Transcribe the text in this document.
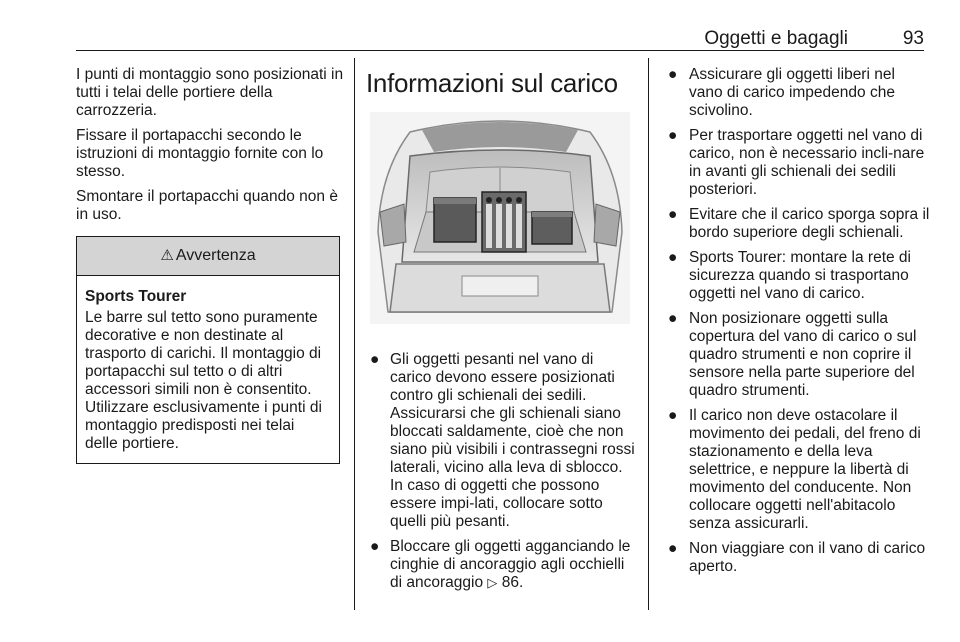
Oggetti e bagagli	93

I punti di montaggio sono posizionati in tutti i telai delle portiere della carrozzeria.

Fissare il portapacchi secondo le istruzioni di montaggio fornite con lo stesso.

Smontare il portapacchi quando non è in uso.

⚠ Avvertenza
Sports Tourer
Le barre sul tetto sono puramente decorative e non destinate al trasporto di carichi. Il montaggio di portapacchi sul tetto o di altri accessori simili non è consentito. Utilizzare esclusivamente i punti di montaggio predisposti nei telai delle portiere.
Informazioni sul carico
● Gli oggetti pesanti nel vano di carico devono essere posizionati contro gli schienali dei sedili. Assicurarsi che gli schienali siano bloccati saldamente, cioè che non siano più visibili i contrassegni rossi laterali, vicino alla leva di sblocco. In caso di oggetti che possono essere impi-lati, collocare sotto quelli più pesanti.
● Bloccare gli oggetti agganciando le cinghie di ancoraggio agli occhielli di ancoraggio ▷ 86.
● Assicurare gli oggetti liberi nel vano di carico impedendo che scivolino.
● Per trasportare oggetti nel vano di carico, non è necessario incli-nare in avanti gli schienali dei sedili posteriori.
● Evitare che il carico sporga sopra il bordo superiore degli schienali.
● Sports Tourer: montare la rete di sicurezza quando si trasportano oggetti nel vano di carico.
● Non posizionare oggetti sulla copertura del vano di carico o sul quadro strumenti e non coprire il sensore nella parte superiore del quadro strumenti.
● Il carico non deve ostacolare il movimento dei pedali, del freno di stazionamento e della leva selettrice, e neppure la libertà di movimento del conducente. Non collocare oggetti nell'abitacolo senza assicurarli.
● Non viaggiare con il vano di carico aperto.
